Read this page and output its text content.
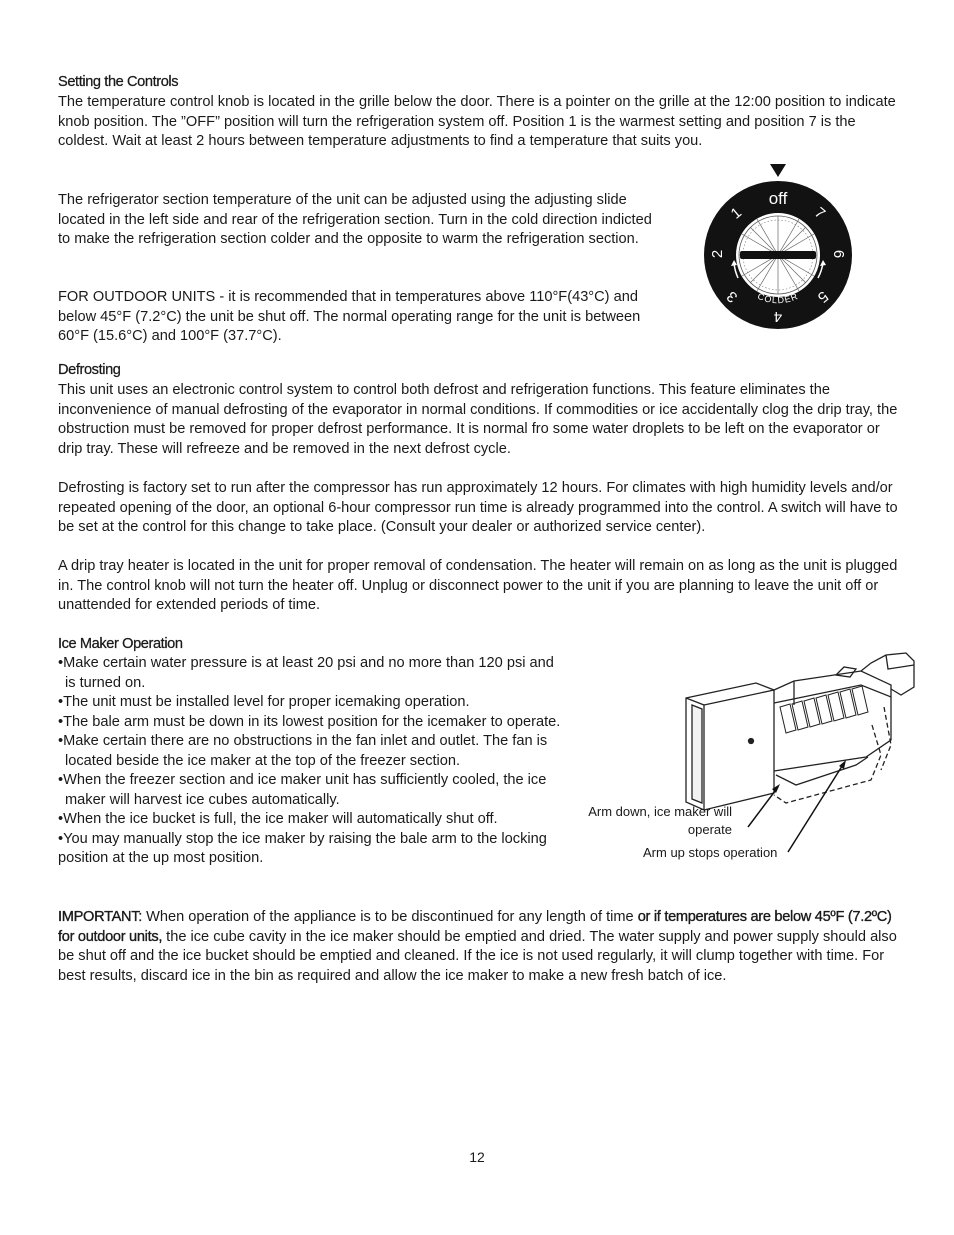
Setting the Controls

The temperature control knob is located in the grille below the door. There is a pointer on the grille at the 12:00 position to indicate knob position. The ”OFF” position will turn the refrigeration system off. Position 1 is the warmest setting and position 7 is the coldest. Wait at least 2 hours between temperature adjustments to find a temperature that suits you.

The refrigerator section temperature of the unit can be adjusted using the adjusting slide located in the left side and rear of the refrigeration section. Turn in the cold direction indicted to make the refrigeration section colder and the opposite to warm the refrigeration section.

FOR OUTDOOR UNITS - it is recommended that in temperatures above 110°F(43°C) and below 45°F (7.2°C) the unit be shut off. The normal operating range for the unit is between 60°F (15.6°C) and 100°F (37.7°C).

off
1
2
3
4
5
6
7
COLDER
Defrosting

This unit uses an electronic control system to control both defrost and refrigeration functions. This feature eliminates the inconvenience of manual defrosting of the evaporator in normal conditions. If commodities or ice accidentally clog the drip tray, the obstruction must be removed for proper defrost performance. It is normal fro some water droplets to be left on the evaporator or drip tray. These will refreeze and be removed in the next defrost cycle.

Defrosting is factory set to run after the compressor has run approximately 12 hours. For climates with high humidity levels and/or repeated opening of the door, an optional 6-hour compressor run time is already programmed into the control. A switch will have to be set at the control for this change to take place. (Consult your dealer or authorized service center).

A drip tray heater is located in the unit for proper removal of condensation. The heater will remain on as long as the unit is plugged in. The control knob will not turn the heater off. Unplug or disconnect power to the unit if you are planning to leave the unit off or unattended for extended periods of time.

Ice Maker Operation
•Make certain water pressure is at least 20 psi and no more than 120 psi and is turned on.
•The unit must be installed level for proper icemaking operation.
•The bale arm must be down in its lowest position for the icemaker to operate.
•Make certain there are no obstructions in the fan inlet and outlet. The fan is located beside the ice maker at the top of the freezer section.
•When the freezer section and ice maker unit has sufficiently cooled, the ice maker will harvest ice cubes automatically.
•When the ice bucket is full, the ice maker will automatically shut off.
•You may manually stop the ice maker by raising the bale arm to the locking position at the up most position.
Arm down, ice maker will
operate
Arm up stops operation

IMPORTANT: When operation of the appliance is to be discontinued for any length of time or if temperatures are below 45ºF (7.2ºC) for outdoor units, the ice cube cavity in the ice maker should be emptied and dried. The water supply and power supply should also be shut off and the ice bucket should be emptied and cleaned. If the ice is not used regularly, it will clump together with time. For best results, discard ice in the bin as required and allow the ice maker to make a new fresh batch of ice.

12
